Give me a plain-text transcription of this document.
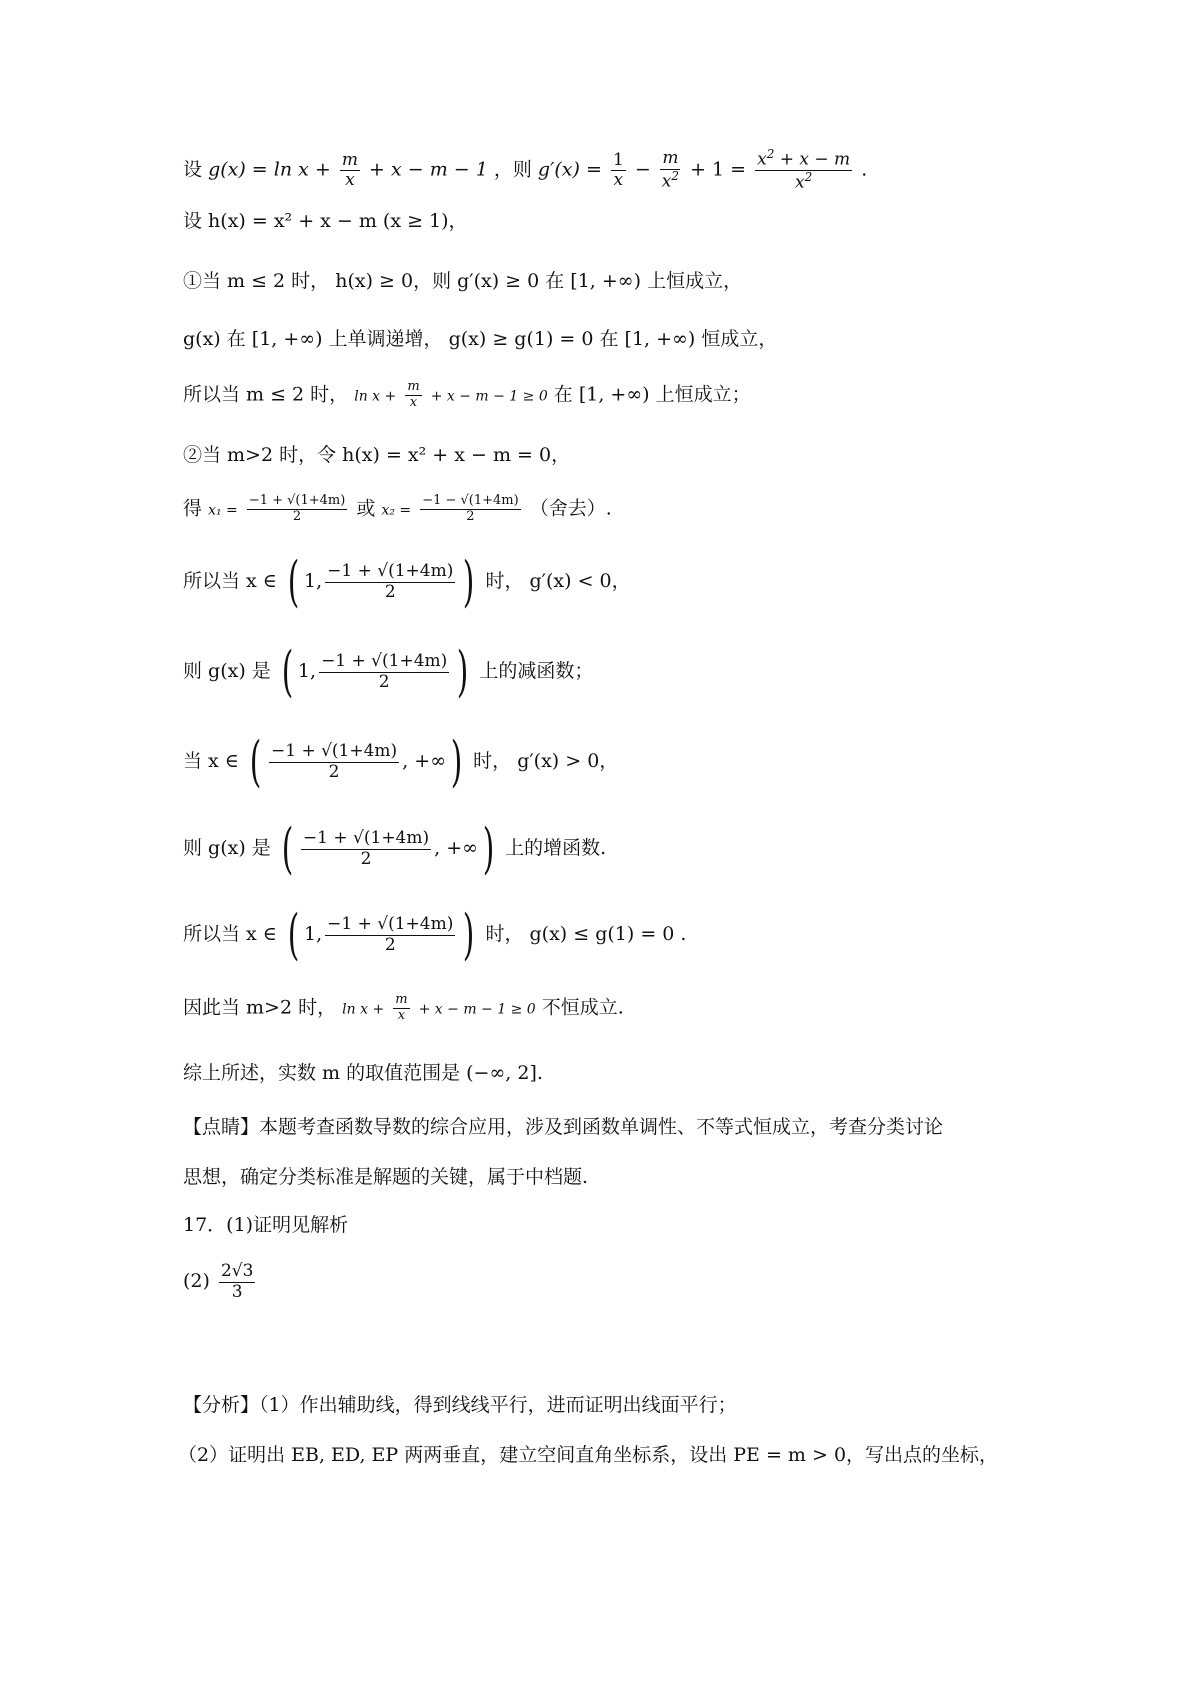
设 $g(x) = \ln x + \frac{m}{x} + x - m - 1$ ，则 $g'(x) = \frac{1}{x} - \frac{m}{x^2} + 1 = \frac{x^2 + x - m}{x^2}$ .
设 h(x) = x² + x − m (x ≥ 1)，
①当 m ≤ 2 时， h(x) ≥ 0，则 g′(x) ≥ 0 在 [1, +∞) 上恒成立，
g(x) 在 [1, +∞) 上单调递增， g(x) ≥ g(1) = 0 在 [1, +∞) 恒成立，
所以当 m ≤ 2 时， $\ln x + \frac{m}{x} + x - m - 1 \ge 0$ 在 [1, +∞) 上恒成立；
②当 m>2 时，令 h(x) = x² + x − m = 0，
得 $x_1 = \frac{-1 + √(1+4m)}{2}$ 或 $x_2 = \frac{-1 - √(1+4m)}{2}$ （舍去）.
所以当 x ∈ ( 1, $\frac{-1 + √(1+4m)}{2}$ ) 时， g′(x) < 0，
则 g(x) 是 ( 1, $\frac{-1 + √(1+4m)}{2}$ ) 上的减函数；
当 x ∈ ( $\frac{-1 + √(1+4m)}{2}$ , +∞) 时， g′(x) > 0，
则 g(x) 是 ( $\frac{-1 + √(1+4m)}{2}$ , +∞) 上的增函数.
所以当 x ∈ ( 1, $\frac{-1 + √(1+4m)}{2}$ ) 时， g(x) ≤ g(1) = 0 .
因此当 m>2 时， $\ln x + \frac{m}{x} + x - m - 1 \ge 0$ 不恒成立.
综上所述，实数 m 的取值范围是 (−∞, 2].
【点睛】本题考查函数导数的综合应用，涉及到函数单调性、不等式恒成立，考查分类讨论
思想，确定分类标准是解题的关键，属于中档题.
17．(1)证明见解析
$(2) \frac{2√3}{3}$
【分析】（1）作出辅助线，得到线线平行，进而证明出线面平行；
（2）证明出 EB, ED, EP 两两垂直，建立空间直角坐标系，设出 PE = m > 0，写出点的坐标，
